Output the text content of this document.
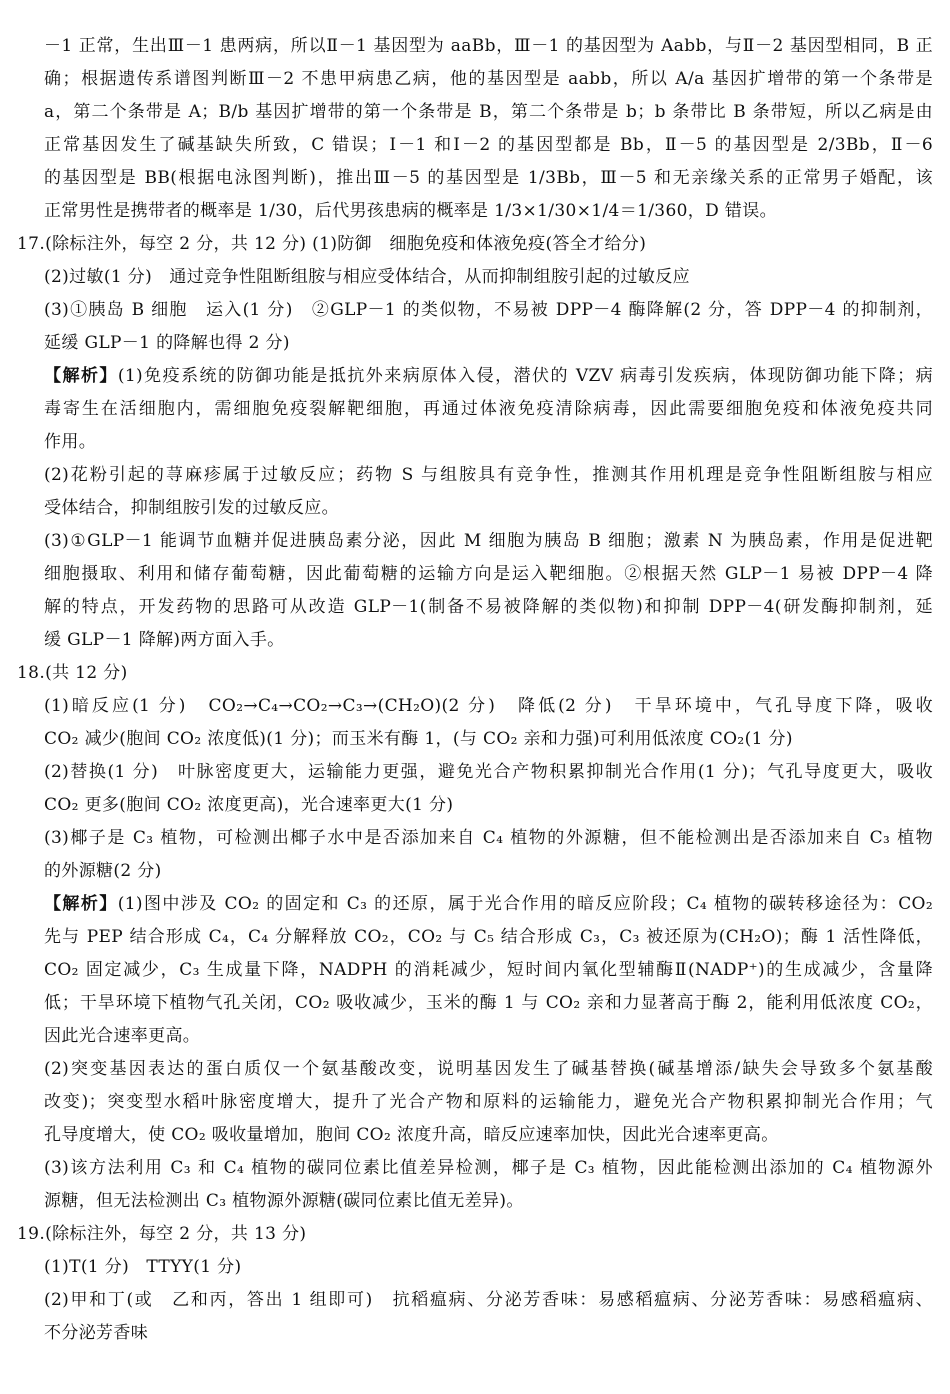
－1 正常，生出Ⅲ－1 患两病，所以Ⅱ－1 基因型为 aaBb，Ⅲ－1 的基因型为 Aabb，与Ⅱ－2 基因型相同，B 正
确；根据遗传系谱图判断Ⅲ－2 不患甲病患乙病，他的基因型是 aabb，所以 A/a 基因扩增带的第一个条带是
a，第二个条带是 A；B/b 基因扩增带的第一个条带是 B，第二个条带是 b；b 条带比 B 条带短，所以乙病是由
正常基因发生了碱基缺失所致，C 错误；Ⅰ－1 和Ⅰ－2 的基因型都是 Bb，Ⅱ－5 的基因型是 2/3Bb，Ⅱ－6
的基因型是 BB(根据电泳图判断)，推出Ⅲ－5 的基因型是 1/3Bb，Ⅲ－5 和无亲缘关系的正常男子婚配，该
正常男性是携带者的概率是 1/30，后代男孩患病的概率是 1/3×1/30×1/4＝1/360，D 错误。
17.(除标注外，每空 2 分，共 12 分) (1)防御　细胞免疫和体液免疫(答全才给分)
(2)过敏(1 分)　通过竞争性阻断组胺与相应受体结合，从而抑制组胺引起的过敏反应
(3)①胰岛 B 细胞　运入(1 分)　②GLP－1 的类似物，不易被 DPP－4 酶降解(2 分，答 DPP－4 的抑制剂，
延缓 GLP－1 的降解也得 2 分)
【解析】(1)免疫系统的防御功能是抵抗外来病原体入侵，潜伏的 VZV 病毒引发疾病，体现防御功能下降；病
毒寄生在活细胞内，需细胞免疫裂解靶细胞，再通过体液免疫清除病毒，因此需要细胞免疫和体液免疫共同
作用。
(2)花粉引起的荨麻疹属于过敏反应；药物 S 与组胺具有竞争性，推测其作用机理是竞争性阻断组胺与相应
受体结合，抑制组胺引发的过敏反应。
(3)①GLP－1 能调节血糖并促进胰岛素分泌，因此 M 细胞为胰岛 B 细胞；激素 N 为胰岛素，作用是促进靶
细胞摄取、利用和储存葡萄糖，因此葡萄糖的运输方向是运入靶细胞。②根据天然 GLP－1 易被 DPP－4 降
解的特点，开发药物的思路可从改造 GLP－1(制备不易被降解的类似物)和抑制 DPP－4(研发酶抑制剂，延
缓 GLP－1 降解)两方面入手。
18.(共 12 分)
(1)暗反应(1 分)　CO₂→C₄→CO₂→C₃→(CH₂O)(2 分)　降低(2 分)　干旱环境中，气孔导度下降，吸收
CO₂ 减少(胞间 CO₂ 浓度低)(1 分)；而玉米有酶 1，(与 CO₂ 亲和力强)可利用低浓度 CO₂(1 分)
(2)替换(1 分)　叶脉密度更大，运输能力更强，避免光合产物积累抑制光合作用(1 分)；气孔导度更大，吸收
CO₂ 更多(胞间 CO₂ 浓度更高)，光合速率更大(1 分)
(3)椰子是 C₃ 植物，可检测出椰子水中是否添加来自 C₄ 植物的外源糖，但不能检测出是否添加来自 C₃ 植物
的外源糖(2 分)
【解析】(1)图中涉及 CO₂ 的固定和 C₃ 的还原，属于光合作用的暗反应阶段；C₄ 植物的碳转移途径为：CO₂
先与 PEP 结合形成 C₄，C₄ 分解释放 CO₂，CO₂ 与 C₅ 结合形成 C₃，C₃ 被还原为(CH₂O)；酶 1 活性降低，
CO₂ 固定减少，C₃ 生成量下降，NADPH 的消耗减少，短时间内氧化型辅酶Ⅱ(NADP⁺)的生成减少，含量降
低；干旱环境下植物气孔关闭，CO₂ 吸收减少，玉米的酶 1 与 CO₂ 亲和力显著高于酶 2，能利用低浓度 CO₂，
因此光合速率更高。
(2)突变基因表达的蛋白质仅一个氨基酸改变，说明基因发生了碱基替换(碱基增添/缺失会导致多个氨基酸
改变)；突变型水稻叶脉密度增大，提升了光合产物和原料的运输能力，避免光合产物积累抑制光合作用；气
孔导度增大，使 CO₂ 吸收量增加，胞间 CO₂ 浓度升高，暗反应速率加快，因此光合速率更高。
(3)该方法利用 C₃ 和 C₄ 植物的碳同位素比值差异检测，椰子是 C₃ 植物，因此能检测出添加的 C₄ 植物源外
源糖，但无法检测出 C₃ 植物源外源糖(碳同位素比值无差异)。
19.(除标注外，每空 2 分，共 13 分)
(1)T(1 分)　TTYY(1 分)
(2)甲和丁(或　乙和丙，答出 1 组即可)　抗稻瘟病、分泌芳香味：易感稻瘟病、分泌芳香味：易感稻瘟病、
不分泌芳香味
